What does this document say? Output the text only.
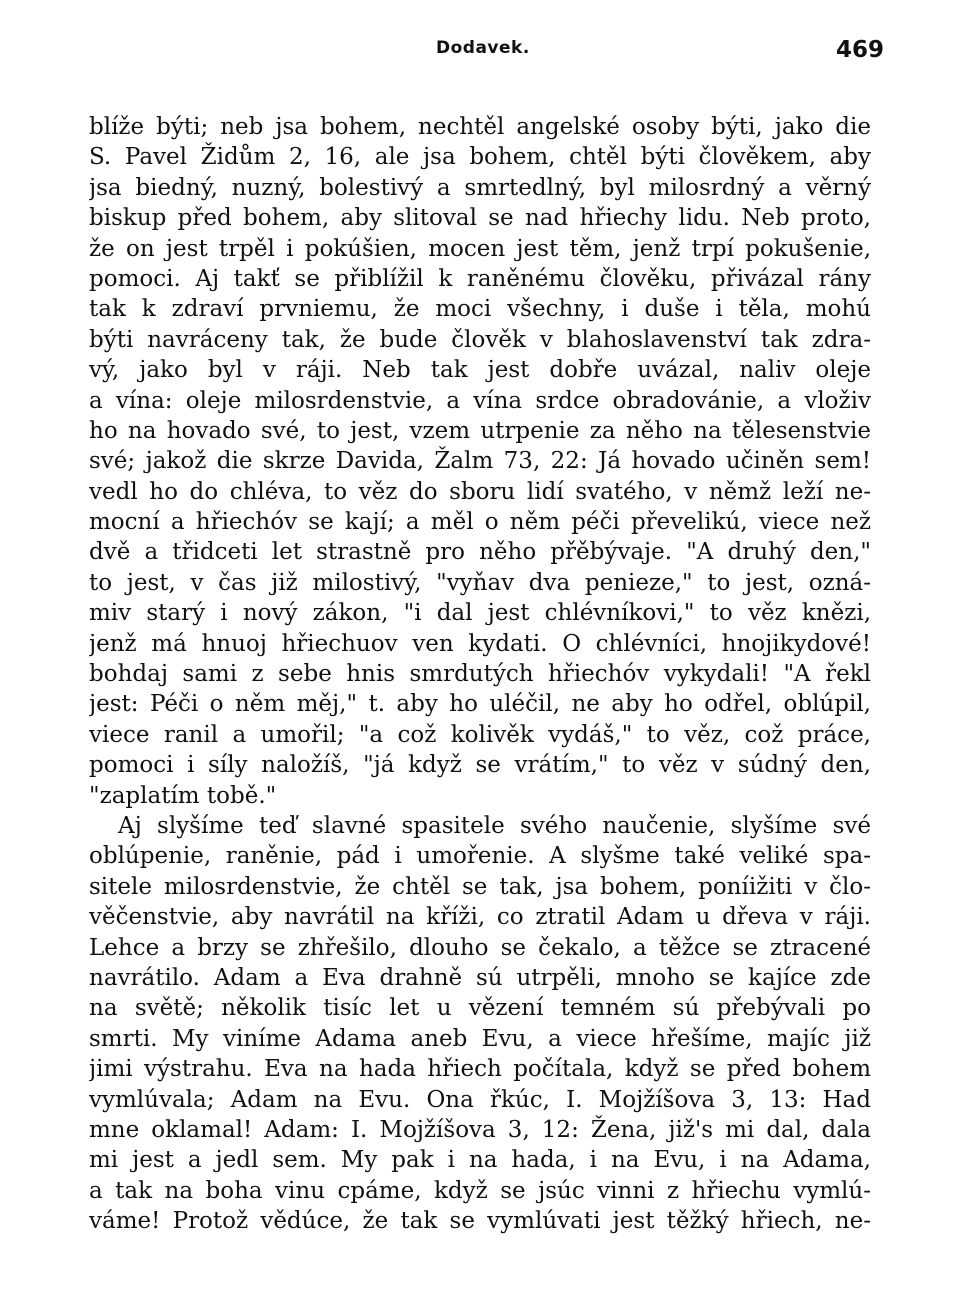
Dodavek.	469
blíže býti; neb jsa bohem, nechtěl angelské osoby býti, jako die
S. Pavel Židům 2, 16, ale jsa bohem, chtěl býti člověkem, aby
jsa biedný, nuzný, bolestivý a smrtedlný, byl milosrdný a věrný
biskup před bohem, aby slitoval se nad hřiechy lidu. Neb proto,
že on jest trpěl i pokúšien, mocen jest těm, jenž trpí pokušenie,
pomoci. Aj takť se přiblížil k raněnému člověku, přivázal rány
tak k zdraví prvniemu, že moci všechny, i duše i těla, mohú
býti navráceny tak, že bude člověk v blahoslavenství tak zdra-
vý, jako byl v ráji. Neb tak jest dobře uvázal, naliv oleje
a vína: oleje milosrdenstvie, a vína srdce obradovánie, a vloživ
ho na hovado své, to jest, vzem utrpenie za něho na tělesenstvie
své; jakož die skrze Davida, Žalm 73, 22: Já hovado učiněn sem!
vedl ho do chléva, to věz do sboru lidí svatého, v němž leží ne-
mocní a hřiechóv se kají; a měl o něm péči převelikú, viece než
dvě a třidceti let strastně pro něho přěbývaje. "A druhý den,"
to jest, v čas již milostivý, "vyňav dva penieze," to jest, ozná-
miv starý i nový zákon, "i dal jest chlévníkovi," to věz knězi,
jenž má hnuoj hřiechuov ven kydati. O chlévníci, hnojikydové!
bohdaj sami z sebe hnis smrdutých hřiechóv vykydali! "A řekl
jest: Péči o něm měj," t. aby ho uléčil, ne aby ho odřel, oblúpil,
viece ranil a umořil; "a což kolivěk vydáš," to věz, což práce,
pomoci i síly naložíš, "já když se vrátím," to věz v súdný den,
"zaplatím tobě."
Aj slyšíme teď slavné spasitele svého naučenie, slyšíme své
oblúpenie, raněnie, pád i umořenie. A slyšme také veliké spa-
sitele milosrdenstvie, že chtěl se tak, jsa bohem, poníižiti v člo-
věčenstvie, aby navrátil na kříži, co ztratil Adam u dřeva v ráji.
Lehce a brzy se zhřešilo, dlouho se čekalo, a těžce se ztracené
navrátilo. Adam a Eva drahně sú utrpěli, mnoho se kajíce zde
na světě; několik tisíc let u vězení temném sú přebývali po
smrti. My viníme Adama aneb Evu, a viece hřešíme, majíc již
jimi výstrahu. Eva na hada hřiech počítala, když se před bohem
vymlúvala; Adam na Evu. Ona řkúc, I. Mojžíšova 3, 13: Had
mne oklamal! Adam: I. Mojžíšova 3, 12: Žena, již's mi dal, dala
mi jest a jedl sem. My pak i na hada, i na Evu, i na Adama,
a tak na boha vinu cpáme, když se jsúc vinni z hřiechu vymlú-
váme! Protož vědúce, že tak se vymlúvati jest těžký hřiech, ne-
